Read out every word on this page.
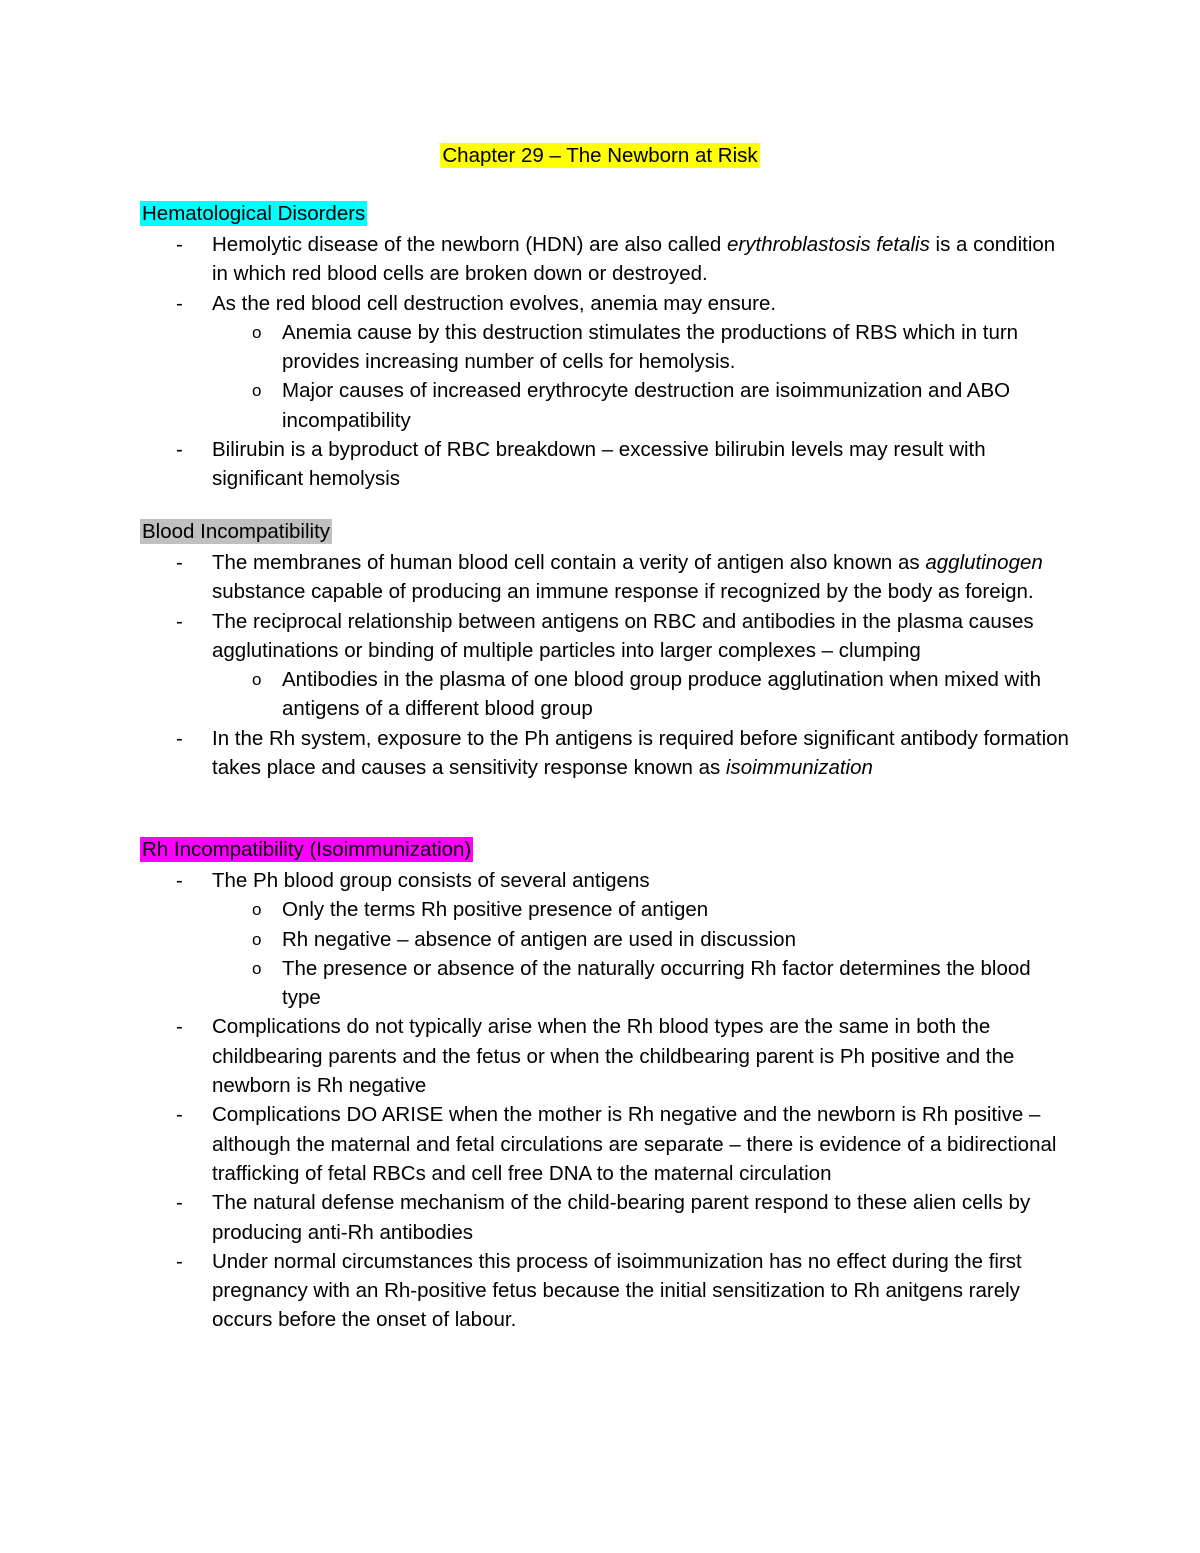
Chapter 29 – The Newborn at Risk
Hematological Disorders
- Hemolytic disease of the newborn (HDN) are also called erythroblastosis fetalis is a condition in which red blood cells are broken down or destroyed.
- As the red blood cell destruction evolves, anemia may ensure.
o Anemia cause by this destruction stimulates the productions of RBS which in turn provides increasing number of cells for hemolysis.
o Major causes of increased erythrocyte destruction are isoimmunization and ABO incompatibility
- Bilirubin is a byproduct of RBC breakdown – excessive bilirubin levels may result with significant hemolysis
Blood Incompatibility
- The membranes of human blood cell contain a verity of antigen also known as agglutinogen substance capable of producing an immune response if recognized by the body as foreign.
- The reciprocal relationship between antigens on RBC and antibodies in the plasma causes agglutinations or binding of multiple particles into larger complexes – clumping
o Antibodies in the plasma of one blood group produce agglutination when mixed with antigens of a different blood group
- In the Rh system, exposure to the Ph antigens is required before significant antibody formation takes place and causes a sensitivity response known as isoimmunization
Rh Incompatibility (Isoimmunization)
- The Ph blood group consists of several antigens
o Only the terms Rh positive presence of antigen
o Rh negative – absence of antigen are used in discussion
o The presence or absence of the naturally occurring Rh factor determines the blood type
- Complications do not typically arise when the Rh blood types are the same in both the childbearing parents and the fetus or when the childbearing parent is Ph positive and the newborn is Rh negative
- Complications DO ARISE when the mother is Rh negative and the newborn is Rh positive – although the maternal and fetal circulations are separate – there is evidence of a bidirectional trafficking of fetal RBCs and cell free DNA to the maternal circulation
- The natural defense mechanism of the child-bearing parent respond to these alien cells by producing anti-Rh antibodies
- Under normal circumstances this process of isoimmunization has no effect during the first pregnancy with an Rh-positive fetus because the initial sensitization to Rh anitgens rarely occurs before the onset of labour.
